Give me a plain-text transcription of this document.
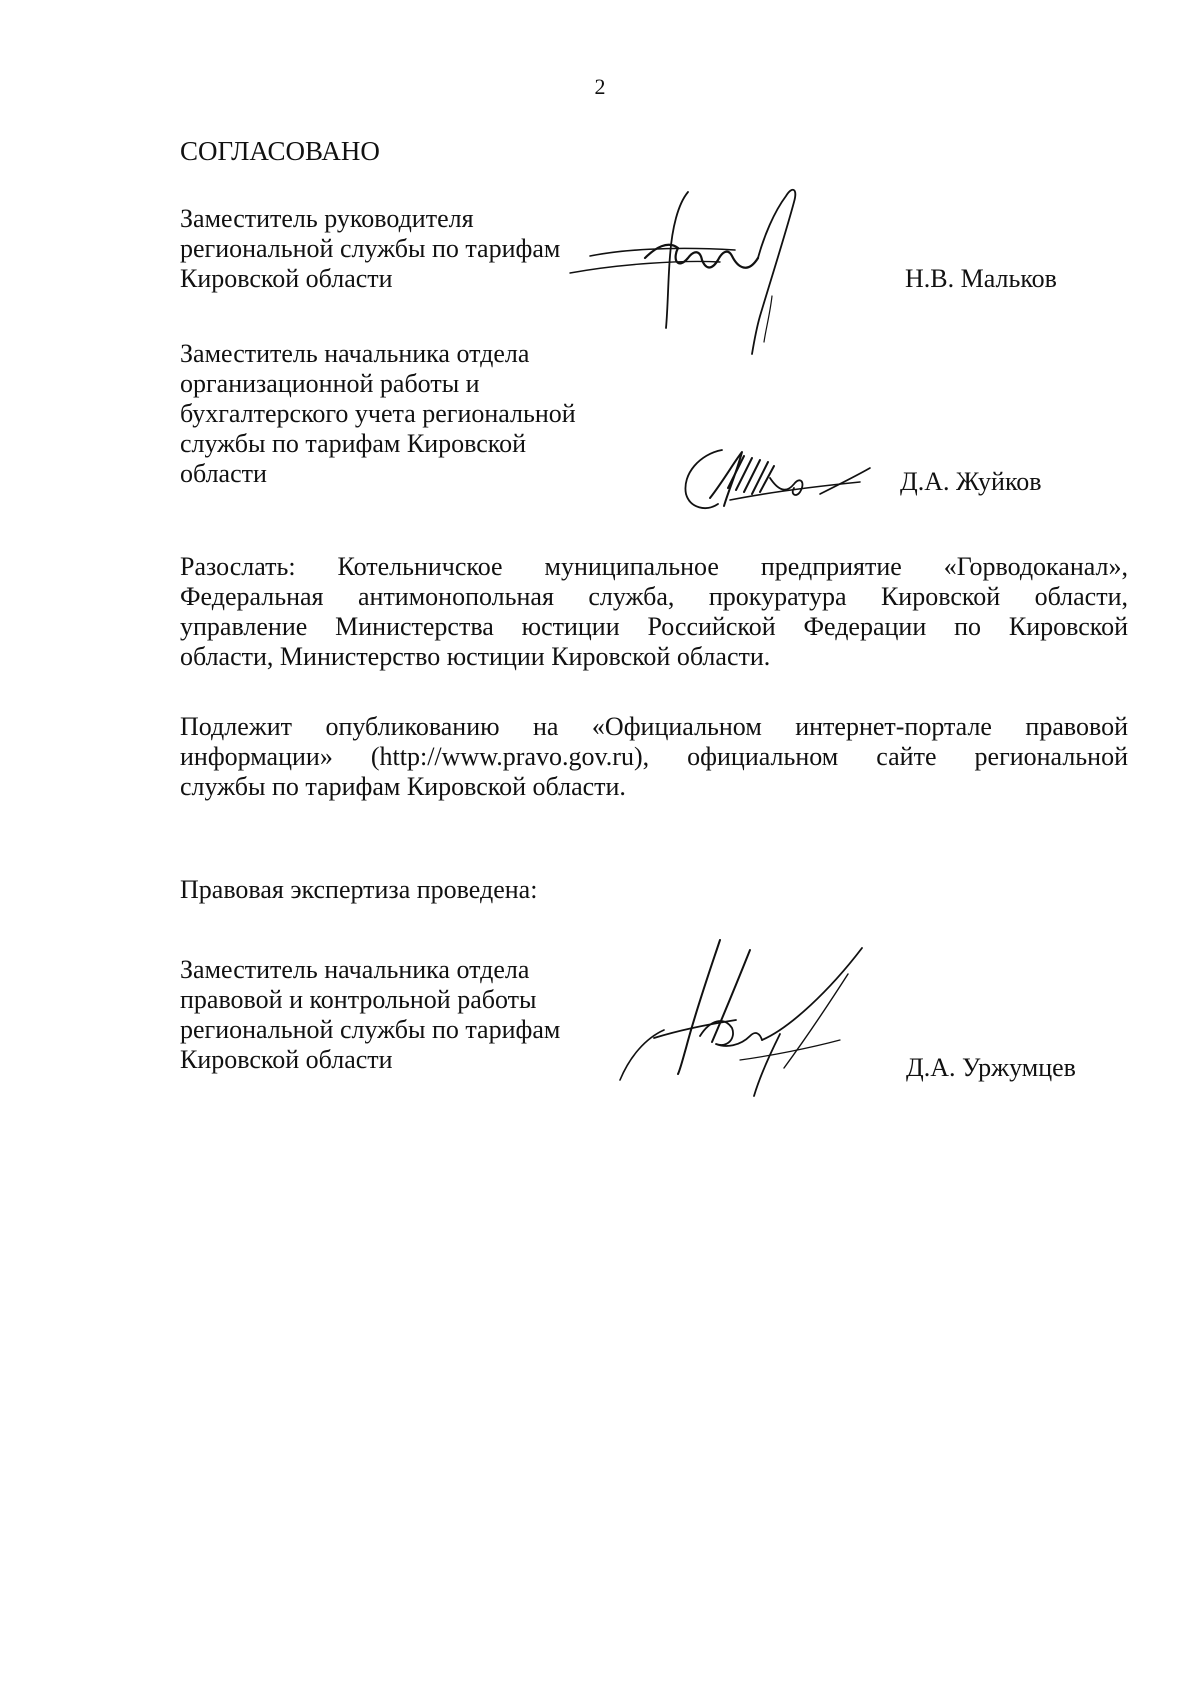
2

СОГЛАСОВАНО

Заместитель руководителя
региональной службы по тарифам
Кировской области	Н.В. Мальков

Заместитель начальника отдела
организационной работы и
бухгалтерского учета региональной
службы по тарифам Кировской
области	Д.А. Жуйков

Разослать: Котельничское муниципальное предприятие «Горводоканал»,
Федеральная антимонопольная служба, прокуратура Кировской области,
управление Министерства юстиции Российской Федерации по Кировской
области, Министерство юстиции Кировской области.
Подлежит опубликованию на «Официальном интернет-портале правовой
информации» (http://www.pravo.gov.ru), официальном сайте региональной
службы по тарифам Кировской области.

Правовая экспертиза проведена:

Заместитель начальника отдела
правовой и контрольной работы
региональной службы по тарифам
Кировской области	Д.А. Уржумцев
